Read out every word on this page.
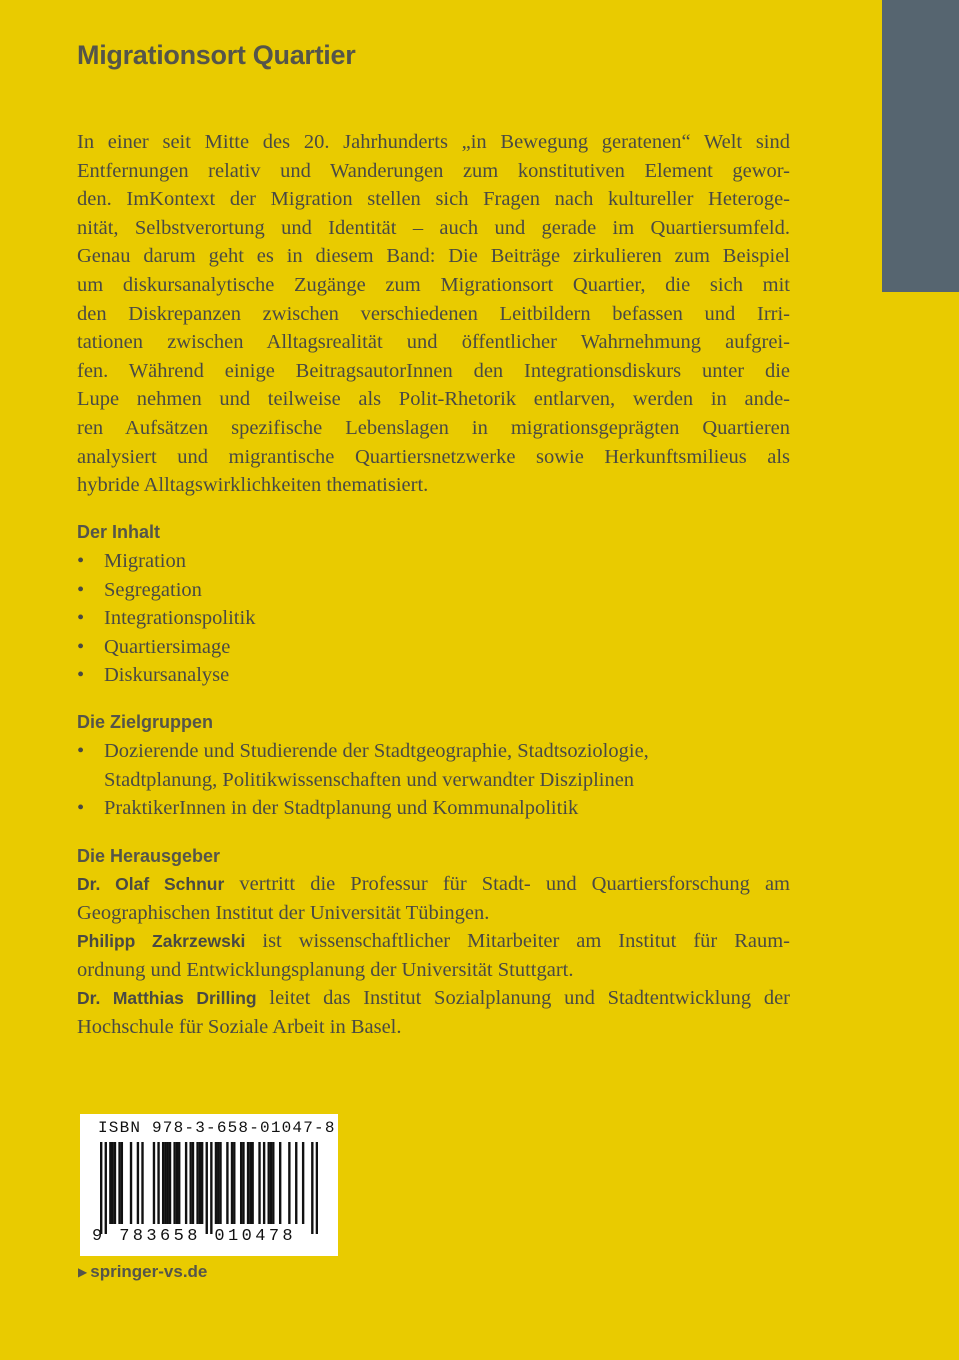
Migrationsort Quartier
In einer seit Mitte des 20. Jahrhunderts „in Bewegung geratenen“ Welt sind
Entfernungen relativ und Wanderungen zum konstitutiven Element gewor-
den. ImKontext der Migration stellen sich Fragen nach kultureller Heteroge-
nität, Selbstverortung und Identität – auch und gerade im Quartiersumfeld.
Genau darum geht es in diesem Band: Die Beiträge zirkulieren zum Beispiel
um diskursanalytische Zugänge zum Migrationsort Quartier, die sich mit
den Diskrepanzen zwischen verschiedenen Leitbildern befassen und Irri-
tationen zwischen Alltagsrealität und öffentlicher Wahrnehmung aufgrei-
fen. Während einige BeitragsautorInnen den Integrationsdiskurs unter die
Lupe nehmen und teilweise als Polit-Rhetorik entlarven, werden in ande-
ren Aufsätzen spezifische Lebenslagen in migrationsgeprägten Quartieren
analysiert und migrantische Quartiersnetzwerke sowie Herkunftsmilieus als
hybride Alltagswirklichkeiten thematisiert.
Der Inhalt
• Migration
• Segregation
• Integrationspolitik
• Quartiersimage
• Diskursanalyse
Die Zielgruppen
• Dozierende und Studierende der Stadtgeographie, Stadtsoziologie,
Stadtplanung, Politikwissenschaften und verwandter Disziplinen
• PraktikerInnen in der Stadtplanung und Kommunalpolitik
Die Herausgeber
Dr. Olaf Schnur vertritt die Professur für Stadt- und Quartiersforschung am
Geographischen Institut der Universität Tübingen.
Philipp Zakrzewski ist wissenschaftlicher Mitarbeiter am Institut für Raum-
ordnung und Entwicklungsplanung der Universität Stuttgart.
Dr. Matthias Drilling leitet das Institut Sozialplanung und Stadtentwicklung der
Hochschule für Soziale Arbeit in Basel.
ISBN 978-3-658-01047-8
9 783658 010478
▶ springer-vs.de
